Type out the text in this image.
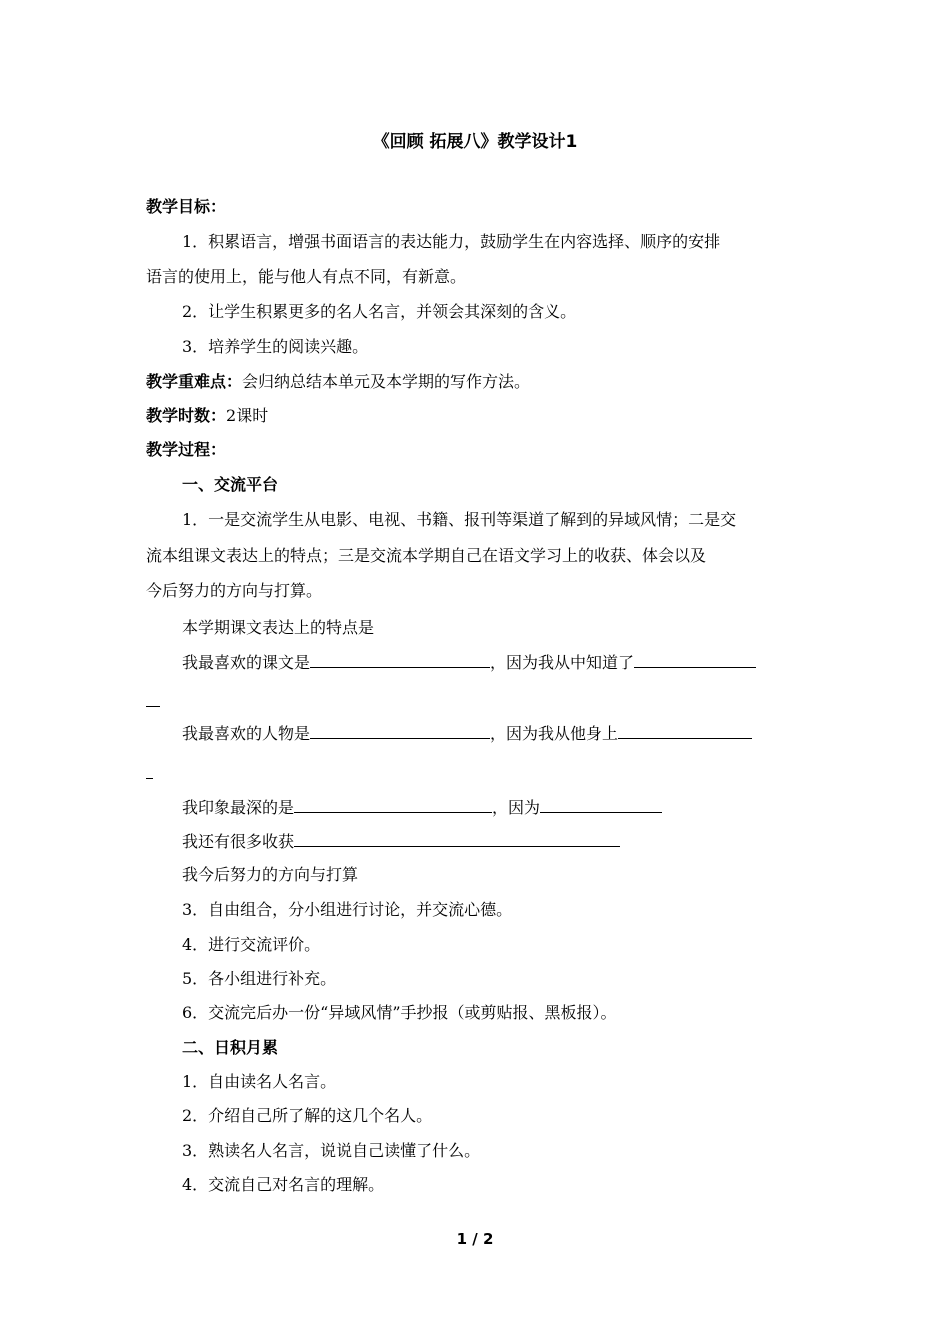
《回顾 拓展八》教学设计1
教学目标：
1．积累语言，增强书面语言的表达能力，鼓励学生在内容选择、顺序的安排
语言的使用上，能与他人有点不同，有新意。
2．让学生积累更多的名人名言，并领会其深刻的含义。
3．培养学生的阅读兴趣。
教学重难点：会归纳总结本单元及本学期的写作方法。
教学时数：2课时
教学过程：
一、交流平台
1．一是交流学生从电影、电视、书籍、报刊等渠道了解到的异域风情；二是交
流本组课文表达上的特点；三是交流本学期自己在语文学习上的收获、体会以及
今后努力的方向与打算。
本学期课文表达上的特点是
我最喜欢的课文是	，因为我从中知道了
我最喜欢的人物是	，因为我从他身上
我印象最深的是	，因为
我还有很多收获
我今后努力的方向与打算
3．自由组合，分小组进行讨论，并交流心德。
4．进行交流评价。
5．各小组进行补充。
6．交流完后办一份“异域风情”手抄报（或剪贴报、黑板报）。
二、日积月累
1．自由读名人名言。
2．介绍自己所了解的这几个名人。
3．熟读名人名言，说说自己读懂了什么。
4．交流自己对名言的理解。
1 / 2
